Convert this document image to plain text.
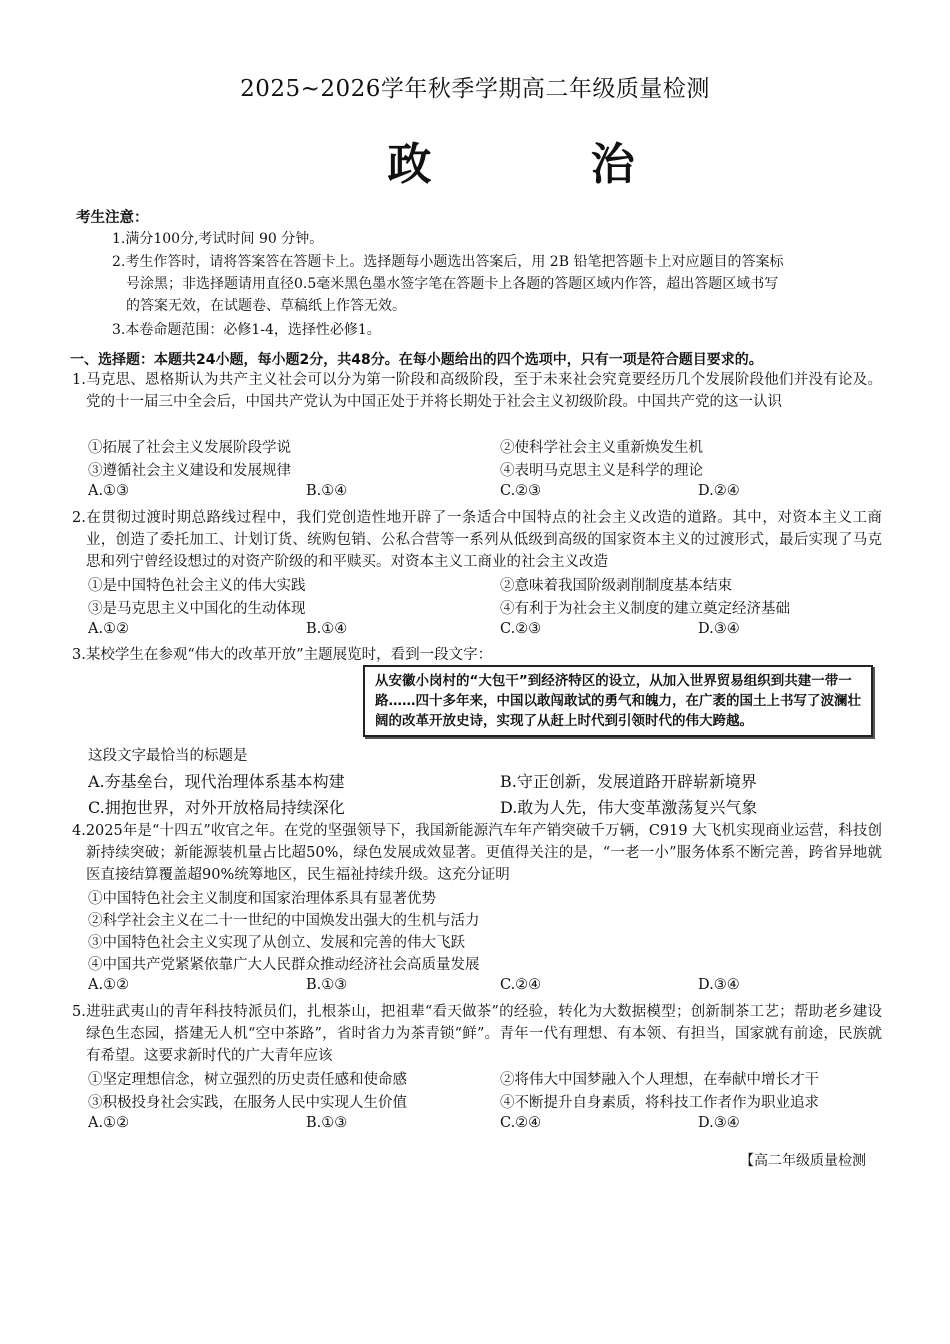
2025~2026学年秋季学期高二年级质量检测
政 治
考生注意：
1.满分100分,考试时间 90 分钟。
2.考生作答时，请将答案答在答题卡上。选择题每小题选出答案后，用 2B 铅笔把答题卡上对应题目的答案标
号涂黑；非选择题请用直径0.5毫米黑色墨水签字笔在答题卡上各题的答题区域内作答，超出答题区域书写
的答案无效，在试题卷、草稿纸上作答无效。
3.本卷命题范围：必修1-4，选择性必修1。
一、选择题：本题共24小题，每小题2分，共48分。在每小题给出的四个选项中，只有一项是符合题目要求的。
1.马克思、恩格斯认为共产主义社会可以分为第一阶段和高级阶段，至于未来社会究竟要经历几个发展阶段他们并没有论及。党的十一届三中全会后，中国共产党认为中国正处于并将长期处于社会主义初级阶段。中国共产党的这一认识
①拓展了社会主义发展阶段学说	②使科学社会主义重新焕发生机
③遵循社会主义建设和发展规律	④表明马克思主义是科学的理论
A.①③	B.①④	C.②③	D.②④
2.在贯彻过渡时期总路线过程中，我们党创造性地开辟了一条适合中国特点的社会主义改造的道路。其中，对资本主义工商业，创造了委托加工、计划订货、统购包销、公私合营等一系列从低级到高级的国家资本主义的过渡形式，最后实现了马克思和列宁曾经设想过的对资产阶级的和平赎买。对资本主义工商业的社会主义改造
①是中国特色社会主义的伟大实践	②意味着我国阶级剥削制度基本结束
③是马克思主义中国化的生动体现	④有利于为社会主义制度的建立奠定经济基础
A.①②	B.①④	C.②③	D.③④
3.某校学生在参观“伟大的改革开放”主题展览时，看到一段文字：
从安徽小岗村的“大包干”到经济特区的设立，从加入世界贸易组织到共建一带一路……四十多年来，中国以敢闯敢试的勇气和魄力，在广袤的国土上书写了波澜壮阔的改革开放史诗，实现了从赶上时代到引领时代的伟大跨越。
这段文字最恰当的标题是
A.夯基垒台，现代治理体系基本构建	B.守正创新，发展道路开辟崭新境界
C.拥抱世界，对外开放格局持续深化	D.敢为人先，伟大变革激荡复兴气象
4.2025年是“十四五”收官之年。在党的坚强领导下，我国新能源汽车年产销突破千万辆，C919 大飞机实现商业运营，科技创新持续突破；新能源装机量占比超50%，绿色发展成效显著。更值得关注的是，“一老一小”服务体系不断完善，跨省异地就医直接结算覆盖超90%统筹地区，民生福祉持续升级。这充分证明
①中国特色社会主义制度和国家治理体系具有显著优势
②科学社会主义在二十一世纪的中国焕发出强大的生机与活力
③中国特色社会主义实现了从创立、发展和完善的伟大飞跃
④中国共产党紧紧依靠广大人民群众推动经济社会高质量发展
A.①②	B.①③	C.②④	D.③④
5.进驻武夷山的青年科技特派员们，扎根茶山，把祖辈“看天做茶”的经验，转化为大数据模型；创新制茶工艺；帮助老乡建设绿色生态园，搭建无人机“空中茶路”，省时省力为茶青锁“鲜”。青年一代有理想、有本领、有担当，国家就有前途，民族就有希望。这要求新时代的广大青年应该
①坚定理想信念，树立强烈的历史责任感和使命感	②将伟大中国梦融入个人理想，在奉献中增长才干
③积极投身社会实践，在服务人民中实现人生价值	④不断提升自身素质，将科技工作者作为职业追求
A.①②	B.①③	C.②④	D.③④
【高二年级质量检测
